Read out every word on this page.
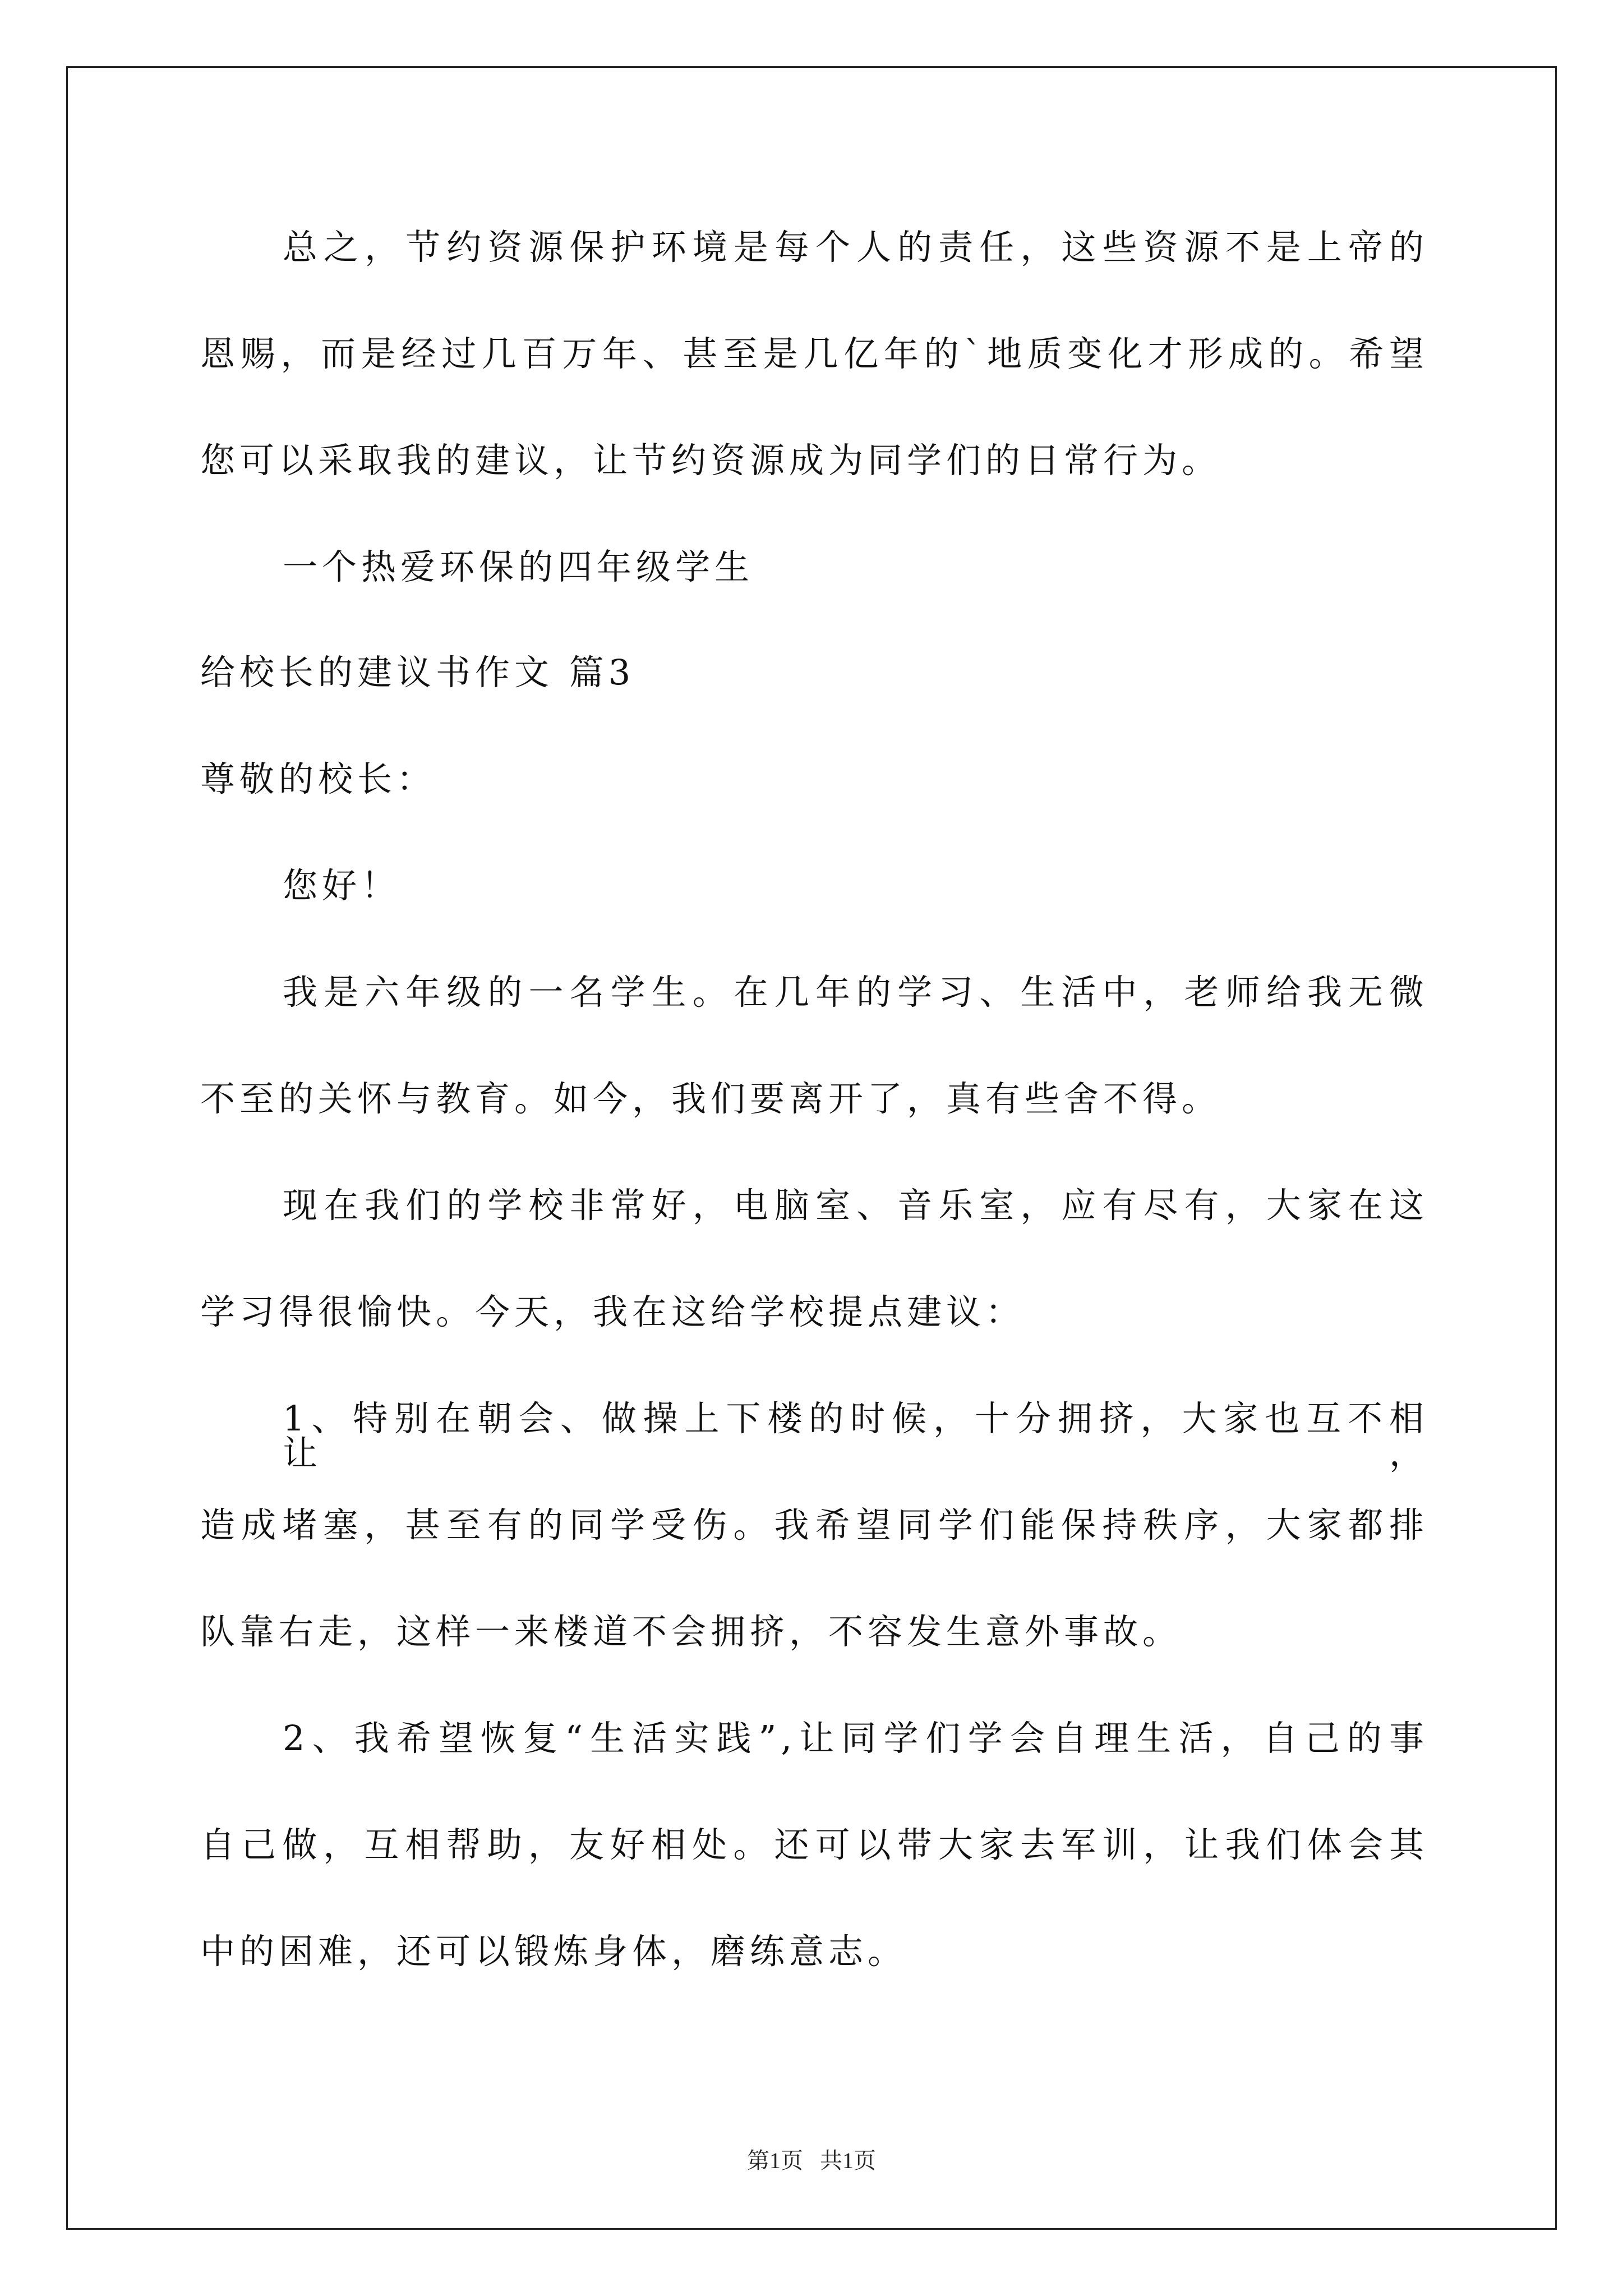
总之，节约资源保护环境是每个人的责任，这些资源不是上帝的
恩赐，而是经过几百万年、甚至是几亿年的`地质变化才形成的。希望
您可以采取我的建议，让节约资源成为同学们的日常行为。
一个热爱环保的四年级学生
给校长的建议书作文 篇3
尊敬的校长：
您好！
我是六年级的一名学生。在几年的学习、生活中，老师给我无微
不至的关怀与教育。如今，我们要离开了，真有些舍不得。
现在我们的学校非常好，电脑室、音乐室，应有尽有，大家在这
学习得很愉快。今天，我在这给学校提点建议：
1、特别在朝会、做操上下楼的时候，十分拥挤，大家也互不相让，
造成堵塞，甚至有的同学受伤。我希望同学们能保持秩序，大家都排
队靠右走，这样一来楼道不会拥挤，不容发生意外事故。
2、我希望恢复“生活实践”,让同学们学会自理生活，自己的事
自己做，互相帮助，友好相处。还可以带大家去军训，让我们体会其
中的困难，还可以锻炼身体，磨练意志。
第1页   共1页
